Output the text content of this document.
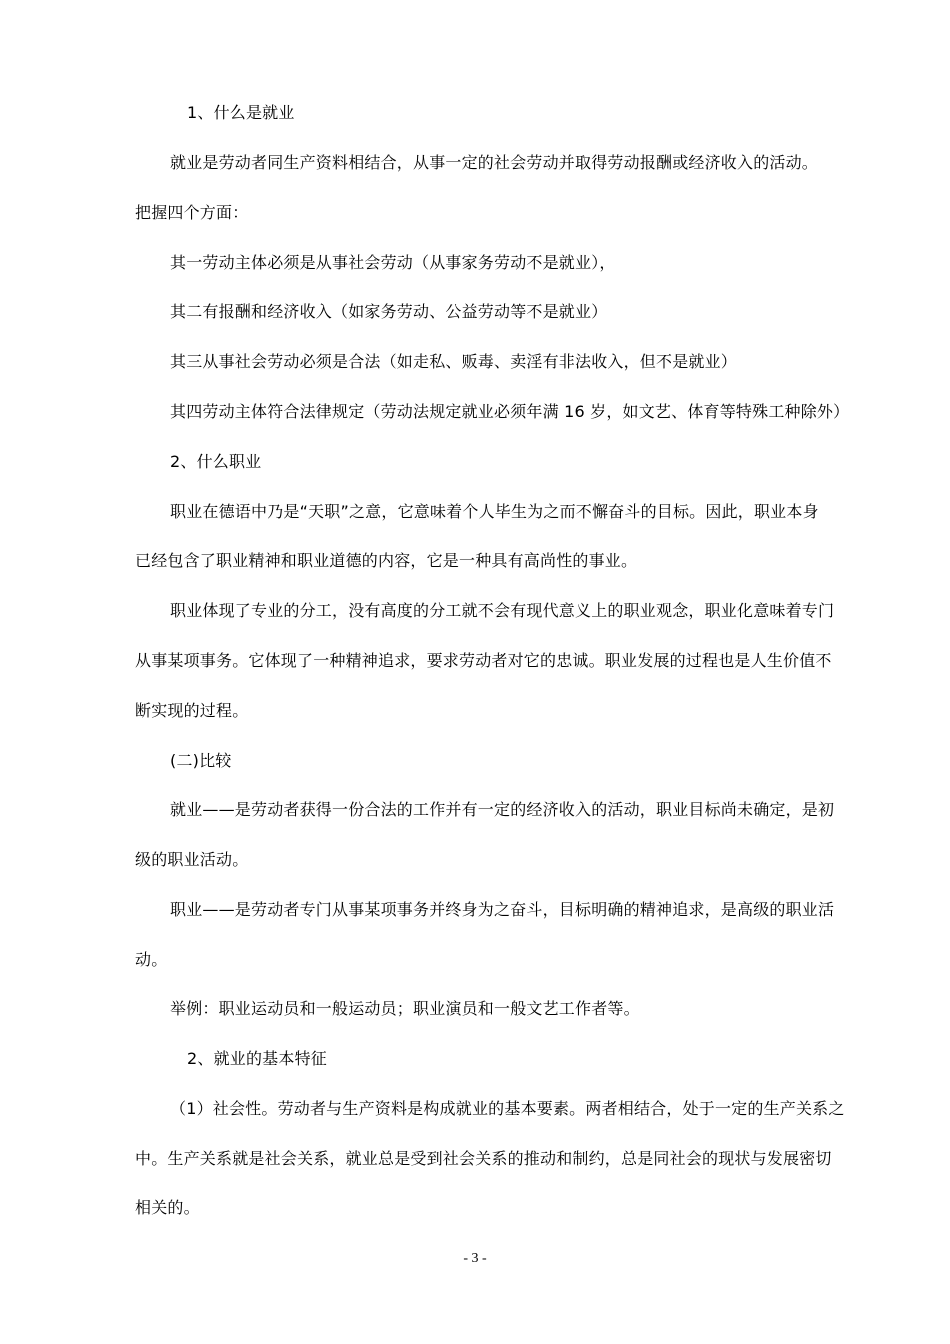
1、什么是就业
就业是劳动者同生产资料相结合，从事一定的社会劳动并取得劳动报酬或经济收入的活动。
把握四个方面：
其一劳动主体必须是从事社会劳动（从事家务劳动不是就业），
其二有报酬和经济收入（如家务劳动、公益劳动等不是就业）
其三从事社会劳动必须是合法（如走私、贩毒、卖淫有非法收入，但不是就业）
其四劳动主体符合法律规定（劳动法规定就业必须年满 16 岁，如文艺、体育等特殊工种除外）
2、什么职业
职业在德语中乃是“天职”之意，它意味着个人毕生为之而不懈奋斗的目标。因此，职业本身
已经包含了职业精神和职业道德的内容，它是一种具有高尚性的事业。
职业体现了专业的分工，没有高度的分工就不会有现代意义上的职业观念，职业化意味着专门
从事某项事务。它体现了一种精神追求，要求劳动者对它的忠诚。职业发展的过程也是人生价值不
断实现的过程。
(二)比较
就业——是劳动者获得一份合法的工作并有一定的经济收入的活动，职业目标尚未确定，是初
级的职业活动。
职业——是劳动者专门从事某项事务并终身为之奋斗，目标明确的精神追求，是高级的职业活
动。
举例：职业运动员和一般运动员；职业演员和一般文艺工作者等。
2、就业的基本特征
（1）社会性。劳动者与生产资料是构成就业的基本要素。两者相结合，处于一定的生产关系之
中。生产关系就是社会关系，就业总是受到社会关系的推动和制约，总是同社会的现状与发展密切
相关的。
- 3 -
